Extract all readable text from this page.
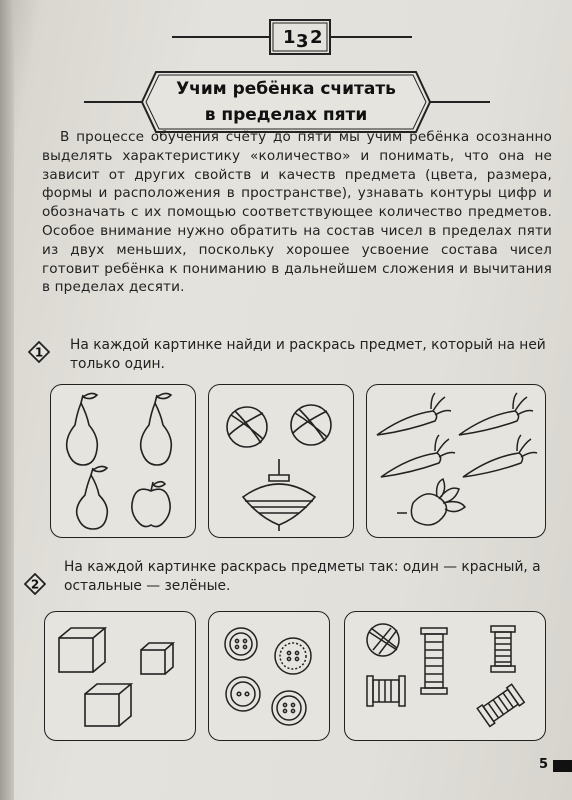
1 3 2
Учим ребёнка считать
в пределах пяти
В процессе обучения счёту до пяти мы учим ребёнка осознанно выделять характеристику «количество» и понимать, что она не зависит от других свойств и качеств предмета (цвета, размера, формы и расположения в пространстве), узнавать контуры цифр и обозначать с их помощью соответствующее количество предметов. Особое внимание нужно обратить на состав чисел в пределах пяти из двух меньших, поскольку хорошее усвоение состава чисел готовит ребёнка к пониманию в дальнейшем сложения и вычитания в пределах десяти.
1 На каждой картинке найди и раскрась предмет, который на ней только один.
2
На каждой картинке раскрась предметы так: один — красный, а остальные — зелёные.
5
